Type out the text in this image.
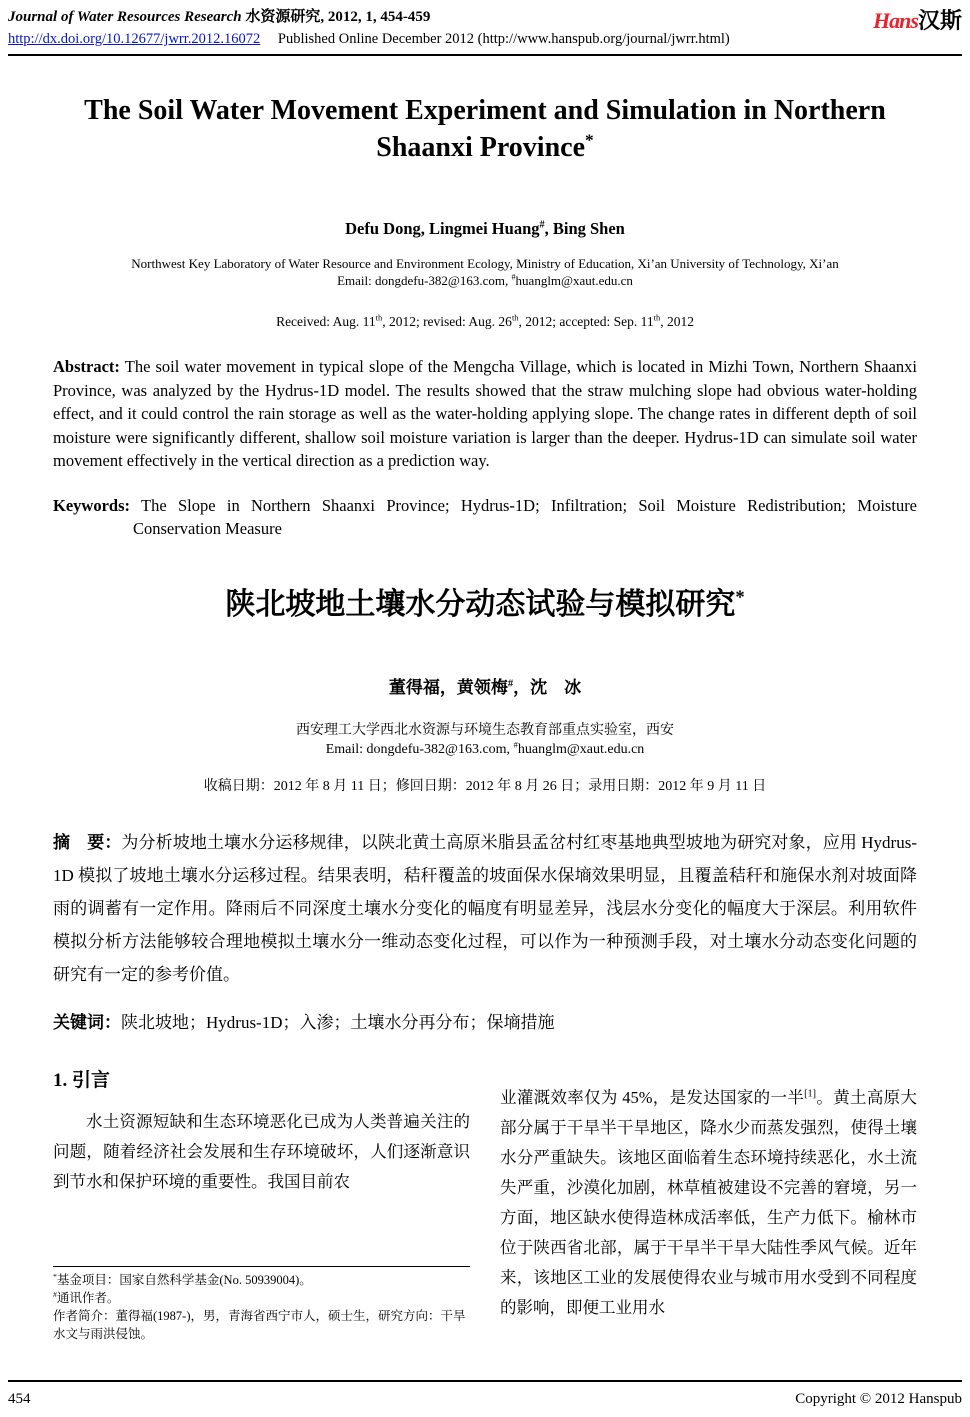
Journal of Water Resources Research 水资源研究, 2012, 1, 454-459
http://dx.doi.org/10.12677/jwrr.2012.16072 Published Online December 2012 (http://www.hanspub.org/journal/jwrr.html)
Hans汉斯
The Soil Water Movement Experiment and Simulation in Northern Shaanxi Province*
Defu Dong, Lingmei Huang#, Bing Shen
Northwest Key Laboratory of Water Resource and Environment Ecology, Ministry of Education, Xi’an University of Technology, Xi’an
Email: dongdefu-382@163.com, #huanglm@xaut.edu.cn
Received: Aug. 11th, 2012; revised: Aug. 26th, 2012; accepted: Sep. 11th, 2012

Abstract: The soil water movement in typical slope of the Mengcha Village, which is located in Mizhi Town, Northern Shaanxi Province, was analyzed by the Hydrus-1D model. The results showed that the straw mulching slope had obvious water-holding effect, and it could control the rain storage as well as the water-holding applying slope. The change rates in different depth of soil moisture were significantly different, shallow soil moisture variation is larger than the deeper. Hydrus-1D can simulate soil water movement effectively in the vertical direction as a prediction way.

Keywords: The Slope in Northern Shaanxi Province; Hydrus-1D; Infiltration; Soil Moisture Redistribution; Moisture Conservation Measure

陕北坡地土壤水分动态试验与模拟研究*
董得福，黄领梅#，沈　冰
西安理工大学西北水资源与环境生态教育部重点实验室，西安
Email: dongdefu-382@163.com, #huanglm@xaut.edu.cn
收稿日期：2012 年 8 月 11 日；修回日期：2012 年 8 月 26 日；录用日期：2012 年 9 月 11 日

摘　要：为分析坡地土壤水分运移规律，以陕北黄土高原米脂县孟岔村红枣基地典型坡地为研究对象，应用 Hydrus-1D 模拟了坡地土壤水分运移过程。结果表明，秸秆覆盖的坡面保水保墒效果明显，且覆盖秸秆和施保水剂对坡面降雨的调蓄有一定作用。降雨后不同深度土壤水分变化的幅度有明显差异，浅层水分变化的幅度大于深层。利用软件模拟分析方法能够较合理地模拟土壤水分一维动态变化过程，可以作为一种预测手段，对土壤水分动态变化问题的研究有一定的参考价值。

关键词：陕北坡地；Hydrus-1D；入渗；土壤水分再分布；保墒措施

1. 引言

水土资源短缺和生态环境恶化已成为人类普遍关注的问题，随着经济社会发展和生存环境破坏，人们逐渐意识到节水和保护环境的重要性。我国目前农

*基金项目：国家自然科学基金(No. 50939004)。
#通讯作者。
作者简介：董得福(1987-)，男，青海省西宁市人，硕士生，研究方向：干旱水文与雨洪侵蚀。

业灌溉效率仅为 45%，是发达国家的一半[1]。黄土高原大部分属于干旱半干旱地区，降水少而蒸发强烈，使得土壤水分严重缺失。该地区面临着生态环境持续恶化，水土流失严重，沙漠化加剧，林草植被建设不完善的窘境，另一方面，地区缺水使得造林成活率低，生产力低下。榆林市位于陕西省北部，属于干旱半干旱大陆性季风气候。近年来，该地区工业的发展使得农业与城市用水受到不同程度的影响，即便工业用水

454	Copyright © 2012 Hanspub
